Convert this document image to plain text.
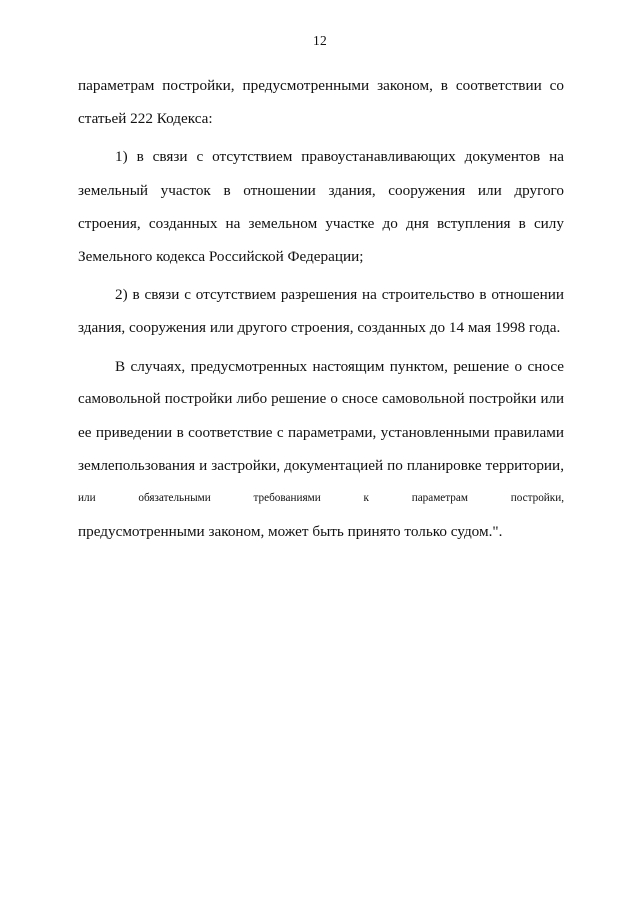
12
параметрам постройки, предусмотренными законом, в соответствии со
статьей 222 Кодекса:
1) в связи с отсутствием правоустанавливающих документов на
земельный участок в отношении здания, сооружения или другого
строения, созданных на земельном участке до дня вступления в силу
Земельного кодекса Российской Федерации;
2) в связи с отсутствием разрешения на строительство в отношении
здания, сооружения или другого строения, созданных до 14 мая 1998 года.
В случаях, предусмотренных настоящим пунктом, решение о сносе
самовольной постройки либо решение о сносе самовольной постройки или
ее приведении в соответствие с параметрами, установленными правилами
землепользования и застройки, документацией по планировке территории,
или обязательными требованиями к параметрам постройки,
предусмотренными законом, может быть принято только судом.".
